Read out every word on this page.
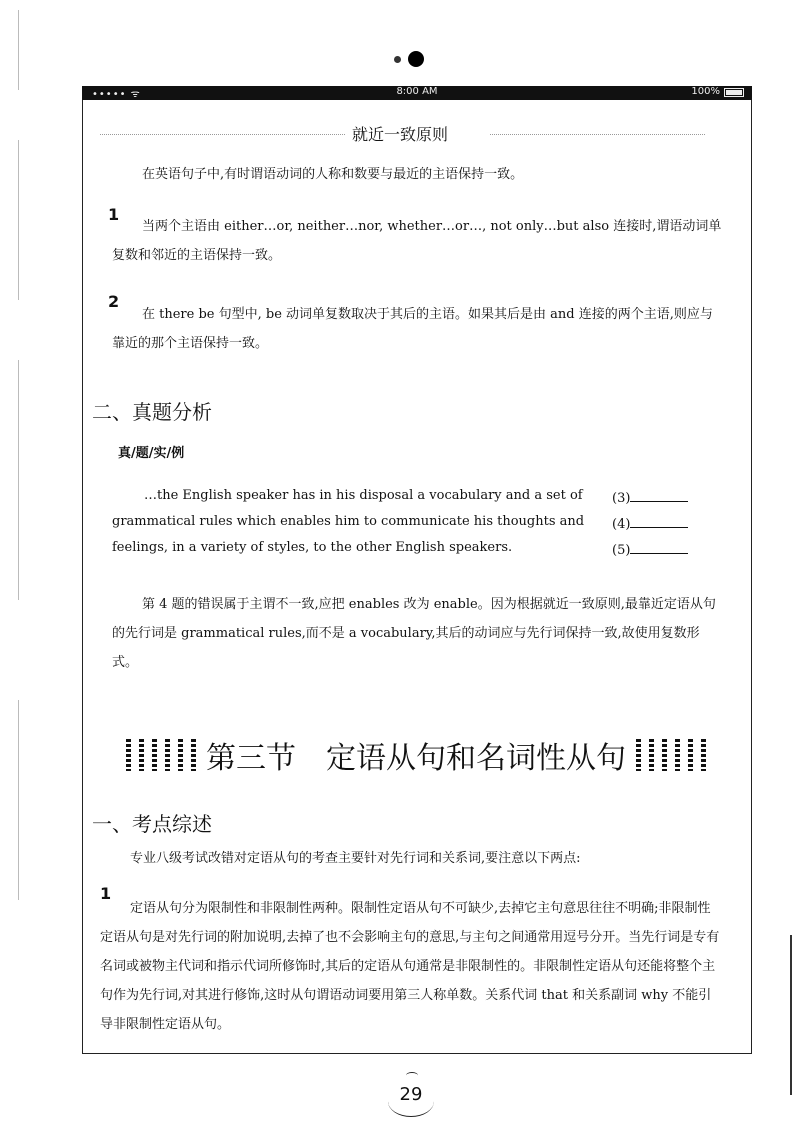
••••• ᯤ	8:00 AM	100%
就近一致原则
在英语句子中,有时谓语动词的人称和数要与最近的主语保持一致。
1
当两个主语由 either…or, neither…nor, whether…or…, not only…but also 连接时,谓语动词单复数和邻近的主语保持一致。
2
在 there be 句型中, be 动词单复数取决于其后的主语。如果其后是由 and 连接的两个主语,则应与靠近的那个主语保持一致。
二、真题分析
真/题/实/例
…the English speaker has in his disposal a vocabulary and a set of (3)
grammatical rules which enables him to communicate his thoughts and (4)
feelings, in a variety of styles, to the other English speakers.	(5)
第 4 题的错误属于主谓不一致,应把 enables 改为 enable。因为根据就近一致原则,最靠近定语从句的先行词是 grammatical rules,而不是 a vocabulary,其后的动词应与先行词保持一致,故使用复数形式。
第三节 定语从句和名词性从句
一、考点综述
专业八级考试改错对定语从句的考查主要针对先行词和关系词,要注意以下两点:
1
定语从句分为限制性和非限制性两种。限制性定语从句不可缺少,去掉它主句意思往往不明确;非限制性定语从句是对先行词的附加说明,去掉了也不会影响主句的意思,与主句之间通常用逗号分开。当先行词是专有名词或被物主代词和指示代词所修饰时,其后的定语从句通常是非限制性的。非限制性定语从句还能将整个主句作为先行词,对其进行修饰,这时从句谓语动词要用第三人称单数。关系代词 that 和关系副词 why 不能引导非限制性定语从句。
29
